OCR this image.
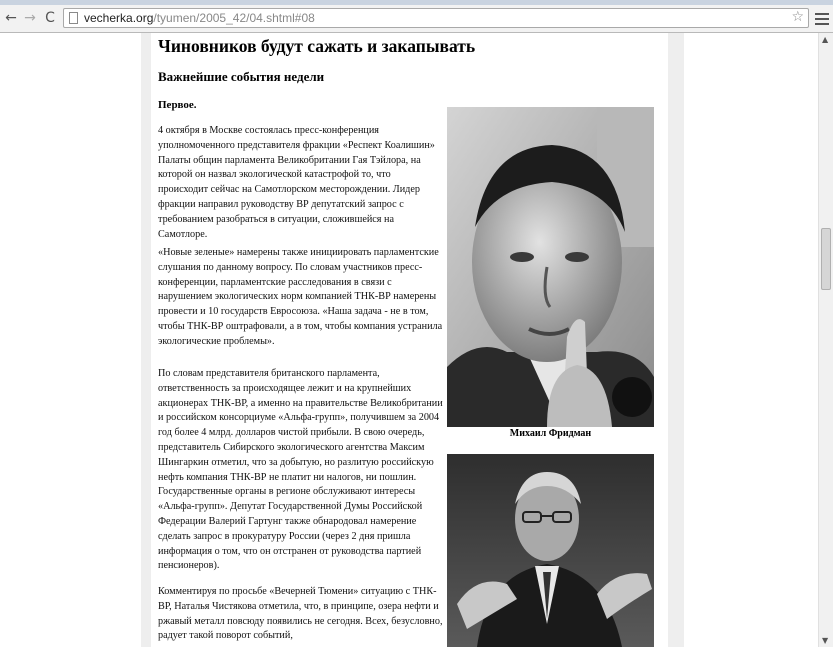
← → C vecherka.org/tyumen/2005_42/04.shtml#08	☆
Чиновников будут сажать и закапывать
Важнейшие события недели
Первое.
4 октября в Москве состоялась пресс-конференция уполномоченного представителя фракции «Респект Коалишин» Палаты общин парламента Великобритании Гая Тэйлора, на которой он назвал экологической катастрофой то, что происходит сейчас на Самотлорском месторождении. Лидер фракции направил руководству ВР депутатский запрос с требованием разобраться в ситуации, сложившейся на Самотлоре.
«Новые зеленые» намерены также инициировать парламентские слушания по данному вопросу. По словам участников пресс-конференции, парламентские расследования в связи с нарушением экологических норм компанией ТНК-ВР намерены провести и 10 государств Евросоюза. «Наша задача - не в том, чтобы ТНК-ВР оштрафовали, а в том, чтобы компания устранила экологические проблемы».
По словам представителя британского парламента, ответственность за происходящее лежит и на крупнейших акционерах ТНК-ВР, а именно на правительстве Великобритании и российском консорциуме «Альфа-групп», получившем за 2004 год более 4 млрд. долларов чистой прибыли. В свою очередь, представитель Сибирского экологического агентства Максим Шингаркин отметил, что за добытую, но разлитую российскую нефть компания ТНК-ВР не платит ни налогов, ни пошлин. Государственные органы в регионе обслуживают интересы «Альфа-групп». Депутат Государственной Думы Российской Федерации Валерий Гартунг также обнародовал намерение сделать запрос в прокуратуру России (через 2 дня пришла информация о том, что он отстранен от руководства партией пенсионеров).
Комментируя по просьбе «Вечерней Тюмени» ситуацию с ТНК-ВР, Наталья Чистякова отметила, что, в принципе, озера нефти и ржавый металл повсюду появились не сегодня. Всех, безусловно, радует такой поворот событий,
Михаил Фридман
▲
▼
